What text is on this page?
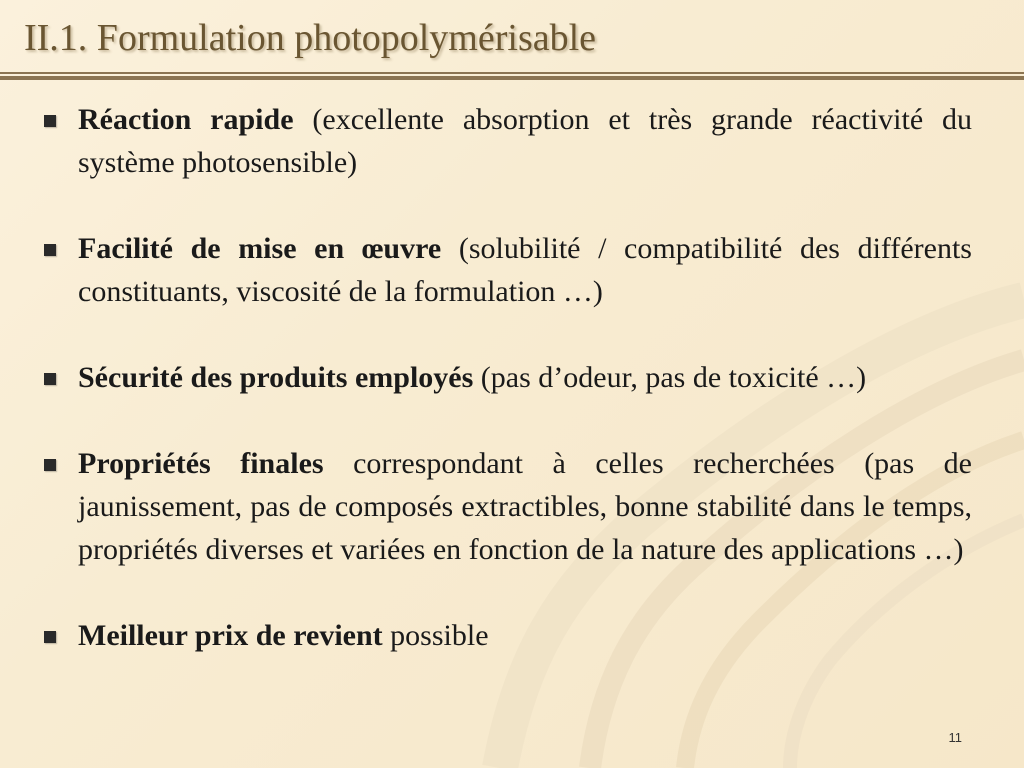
II.1. Formulation photopolymérisable
Réaction rapide (excellente absorption et très grande réactivité du système photosensible)
Facilité de mise en œuvre (solubilité / compatibilité des différents constituants, viscosité de la formulation …)
Sécurité des produits employés (pas d’odeur, pas de toxicité …)
Propriétés finales correspondant à celles recherchées (pas de jaunissement, pas de composés extractibles, bonne stabilité dans le temps, propriétés diverses et variées en fonction de la nature des applications …)
Meilleur prix de revient possible
11
